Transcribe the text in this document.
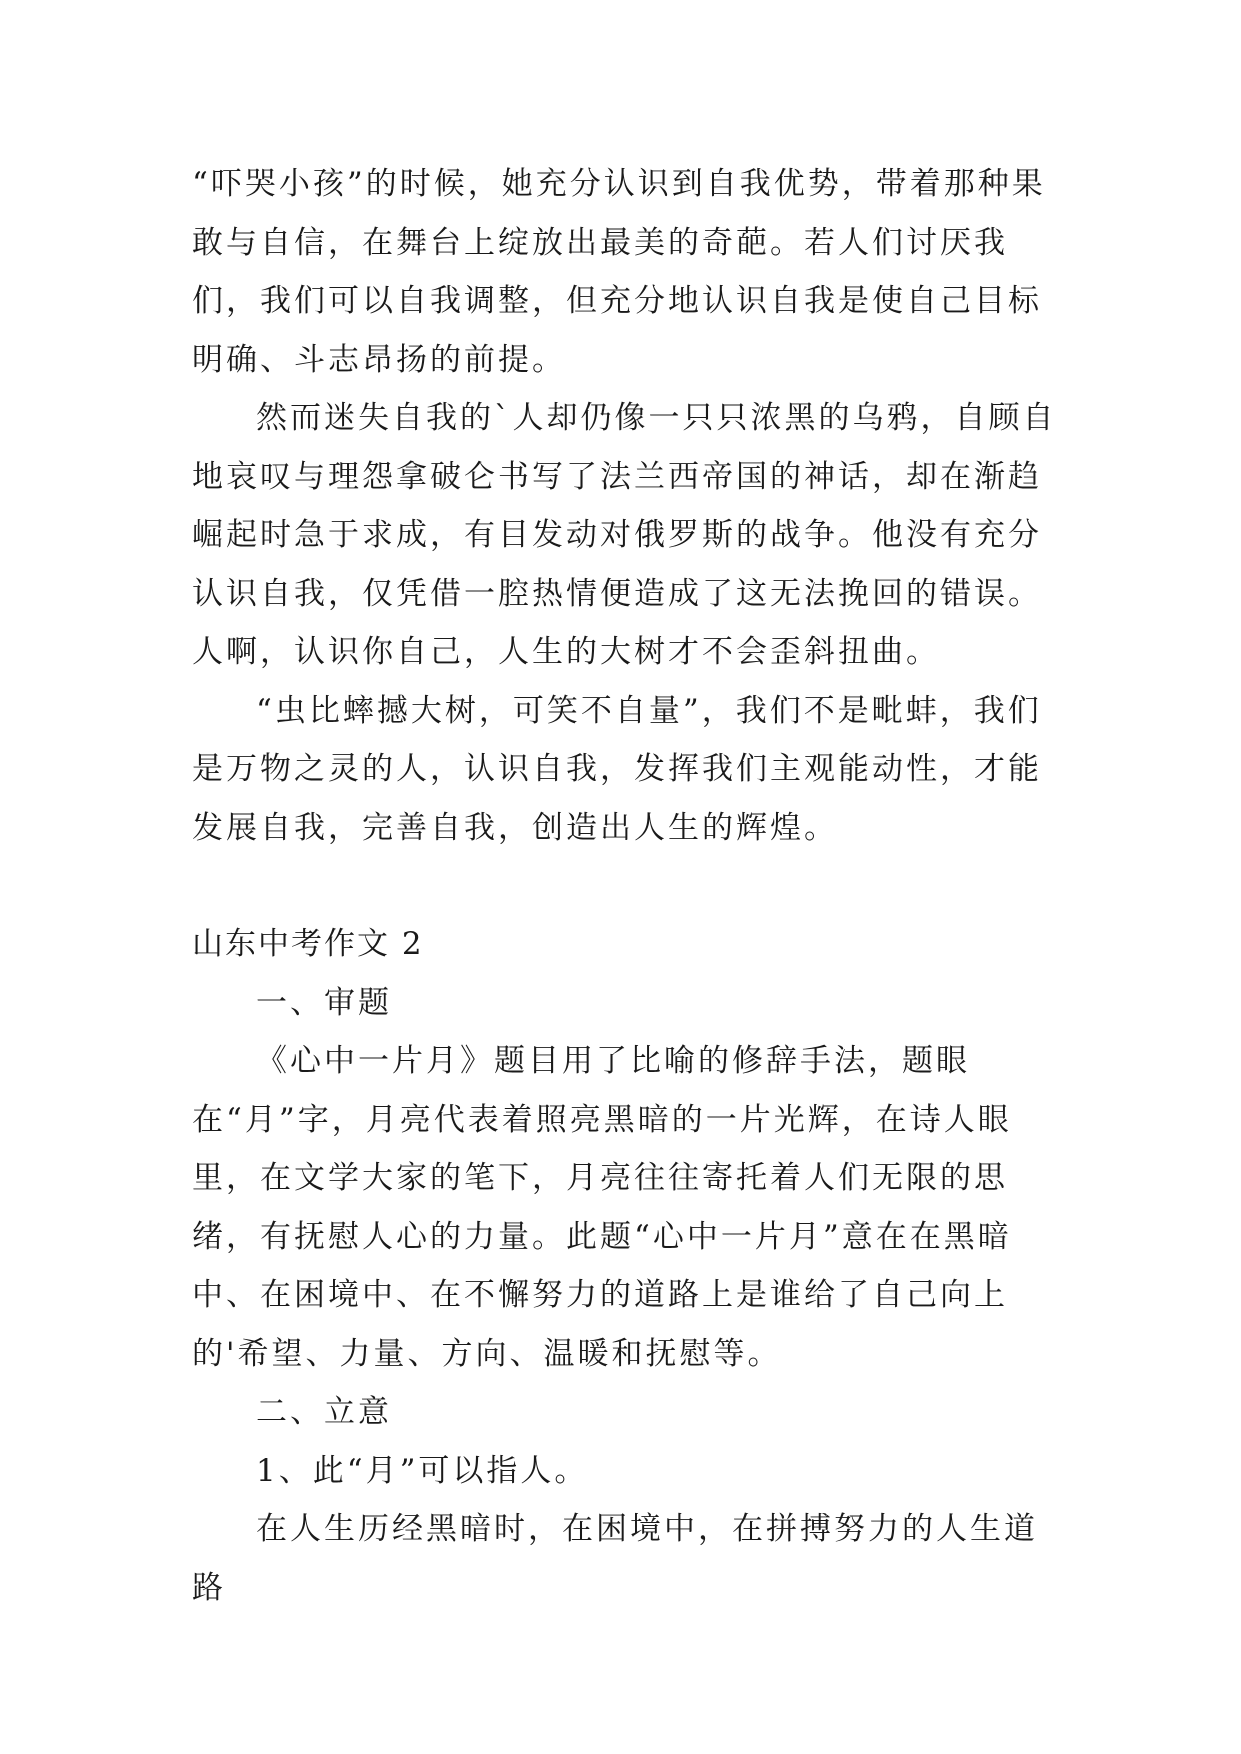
“吓哭小孩”的时候，她充分认识到自我优势，带着那种果敢与自信，在舞台上绽放出最美的奇葩。若人们讨厌我们，我们可以自我调整，但充分地认识自我是使自己目标明确、斗志昂扬的前提。

然而迷失自我的`人却仍像一只只浓黑的乌鸦，自顾自地哀叹与理怨拿破仑书写了法兰西帝国的神话，却在渐趋崛起时急于求成，有目发动对俄罗斯的战争。他没有充分认识自我，仅凭借一腔热情便造成了这无法挽回的错误。人啊，认识你自己，人生的大树才不会歪斜扭曲。

“虫比蟀撼大树，可笑不自量”，我们不是毗蚌，我们是万物之灵的人，认识自我，发挥我们主观能动性，才能发展自我，完善自我，创造出人生的辉煌。

山东中考作文 2

一、审题

《心中一片月》题目用了比喻的修辞手法，题眼在“月”字，月亮代表着照亮黑暗的一片光辉，在诗人眼里，在文学大家的笔下，月亮往往寄托着人们无限的思绪，有抚慰人心的力量。此题“心中一片月”意在在黑暗中、在困境中、在不懈努力的道路上是谁给了自己向上的'希望、力量、方向、温暖和抚慰等。

二、立意

1、此“月”可以指人。

在人生历经黑暗时，在困境中，在拼搏努力的人生道路
